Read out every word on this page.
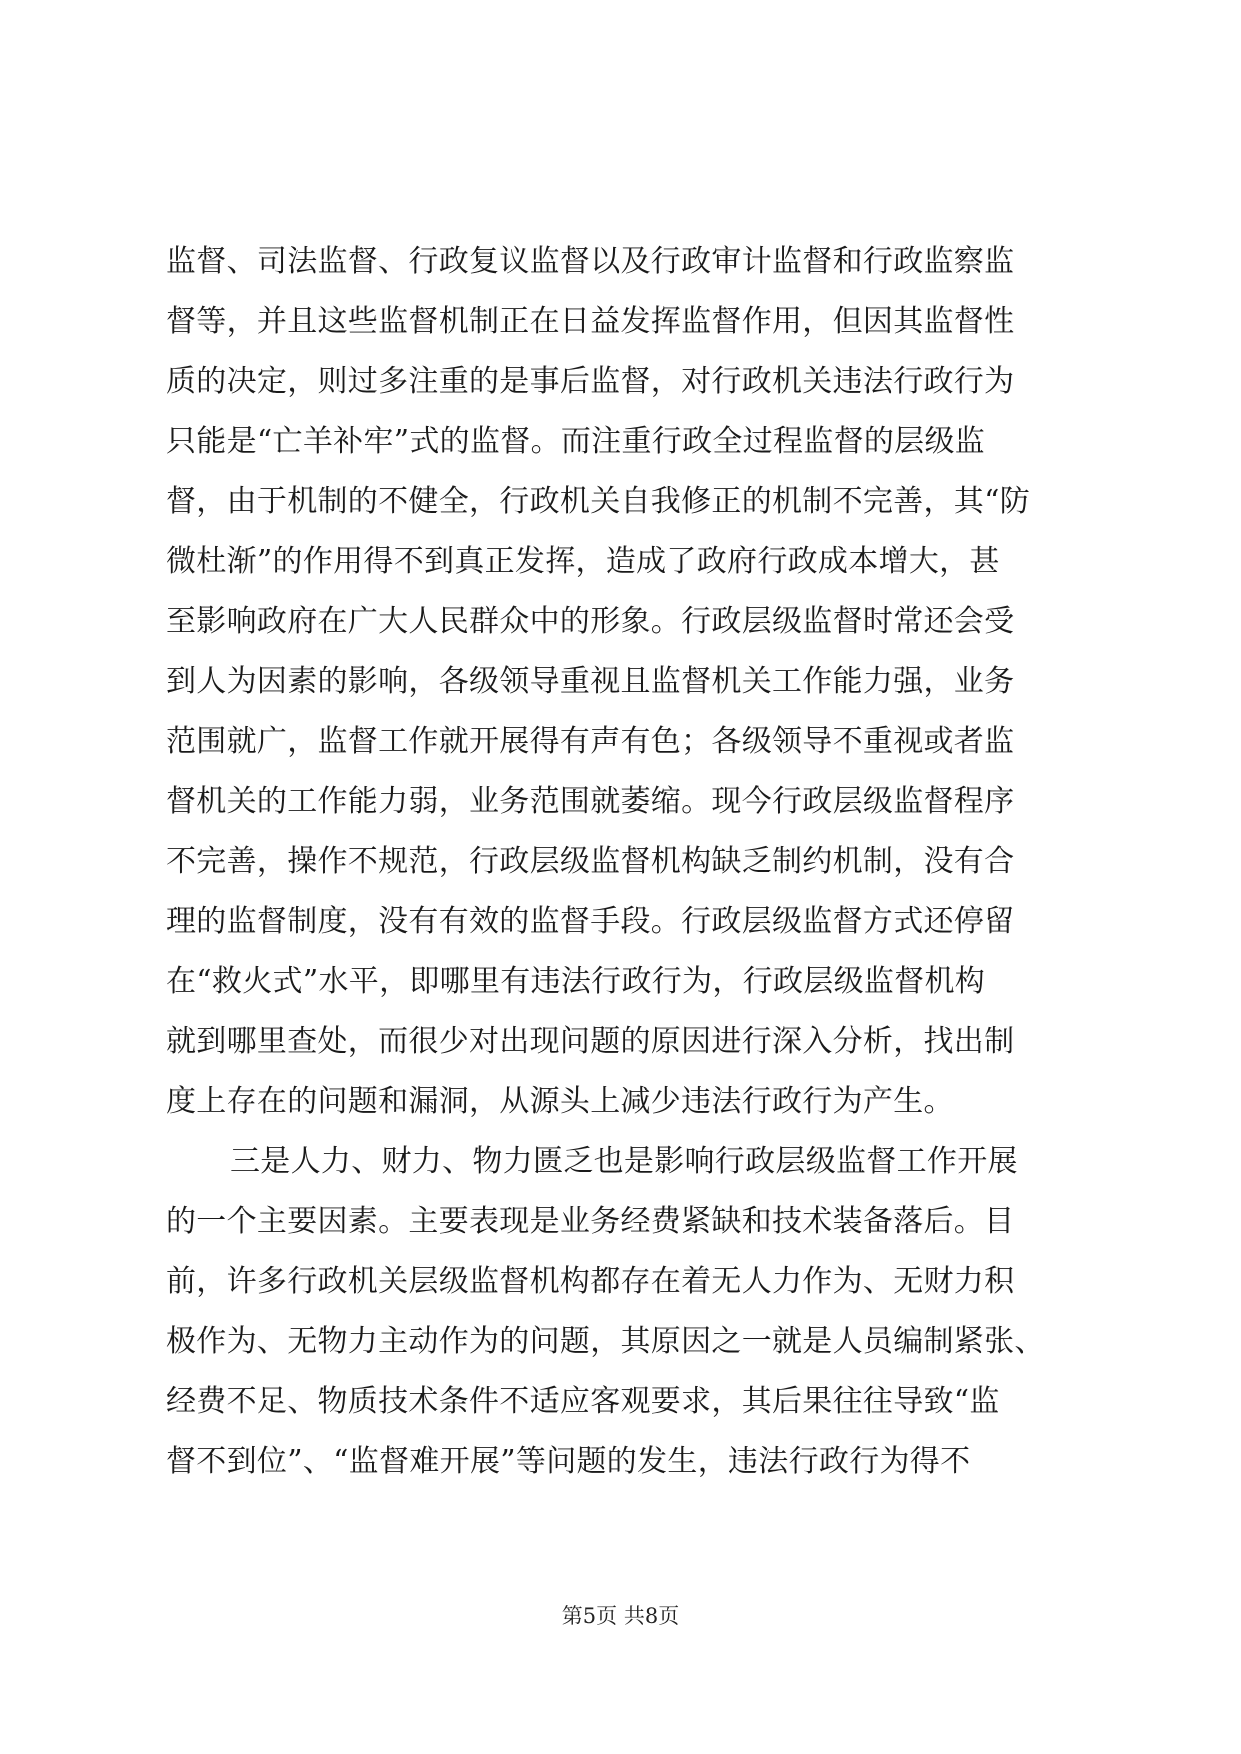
监督、司法监督、行政复议监督以及行政审计监督和行政监察监
督等，并且这些监督机制正在日益发挥监督作用，但因其监督性
质的决定，则过多注重的是事后监督，对行政机关违法行政行为
只能是“亡羊补牢”式的监督。而注重行政全过程监督的层级监
督，由于机制的不健全，行政机关自我修正的机制不完善，其“防
微杜渐”的作用得不到真正发挥，造成了政府行政成本增大，甚
至影响政府在广大人民群众中的形象。行政层级监督时常还会受
到人为因素的影响，各级领导重视且监督机关工作能力强，业务
范围就广，监督工作就开展得有声有色；各级领导不重视或者监
督机关的工作能力弱，业务范围就萎缩。现今行政层级监督程序
不完善，操作不规范，行政层级监督机构缺乏制约机制，没有合
理的监督制度，没有有效的监督手段。行政层级监督方式还停留
在“救火式”水平，即哪里有违法行政行为，行政层级监督机构
就到哪里查处，而很少对出现问题的原因进行深入分析，找出制
度上存在的问题和漏洞，从源头上减少违法行政行为产生。
三是人力、财力、物力匮乏也是影响行政层级监督工作开展
的一个主要因素。主要表现是业务经费紧缺和技术装备落后。目
前，许多行政机关层级监督机构都存在着无人力作为、无财力积
极作为、无物力主动作为的问题，其原因之一就是人员编制紧张、
经费不足、物质技术条件不适应客观要求，其后果往往导致“监
督不到位”、“监督难开展”等问题的发生，违法行政行为得不
第5页 共8页
